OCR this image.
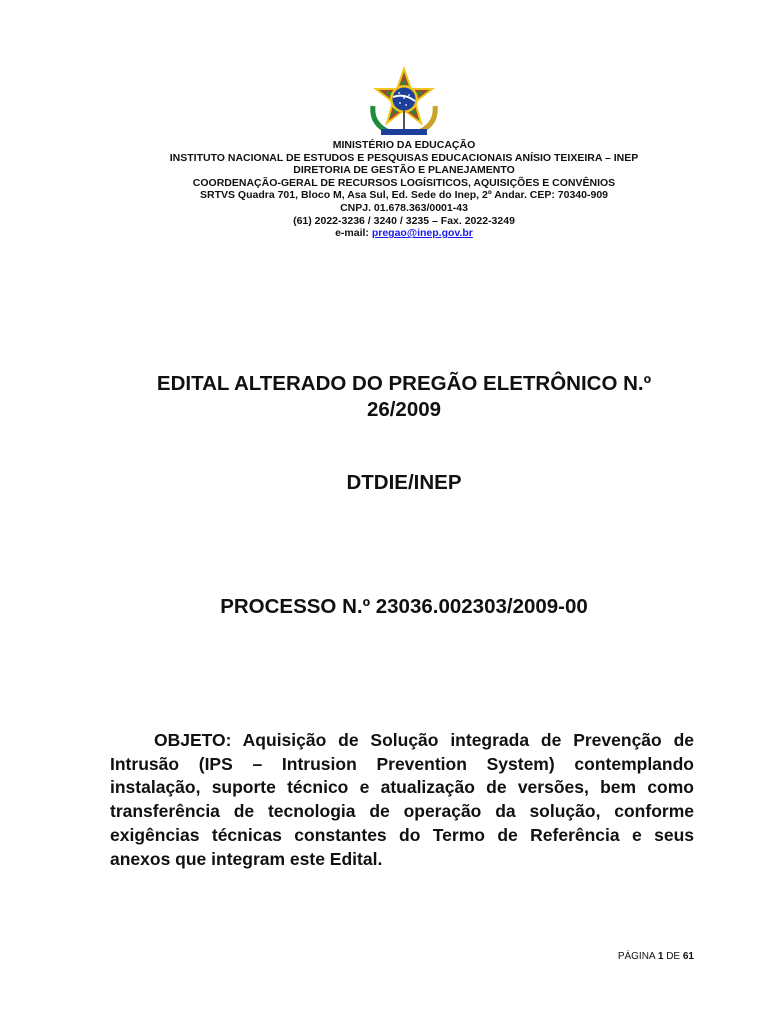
MINISTÉRIO DA EDUCAÇÃO
INSTITUTO NACIONAL DE ESTUDOS E PESQUISAS EDUCACIONAIS ANÍSIO TEIXEIRA – INEP
DIRETORIA DE GESTÃO E PLANEJAMENTO
COORDENAÇÃO-GERAL DE RECURSOS LOGÍSITICOS, AQUISIÇÕES E CONVÊNIOS
SRTVS Quadra 701, Bloco M, Asa Sul, Ed. Sede do Inep, 2º Andar. CEP: 70340-909
CNPJ. 01.678.363/0001-43
(61) 2022-3236 / 3240 / 3235 – Fax. 2022-3249
e-mail: pregao@inep.gov.br
EDITAL ALTERADO DO PREGÃO ELETRÔNICO N.º
26/2009
DTDIE/INEP
PROCESSO N.º 23036.002303/2009-00
OBJETO: Aquisição de Solução integrada de Prevenção de Intrusão (IPS – Intrusion Prevention System) contemplando instalação, suporte técnico e atualização de versões, bem como transferência de tecnologia de operação da solução, conforme exigências técnicas constantes do Termo de Referência e seus anexos que integram este Edital.
PÁGINA 1 DE 61
